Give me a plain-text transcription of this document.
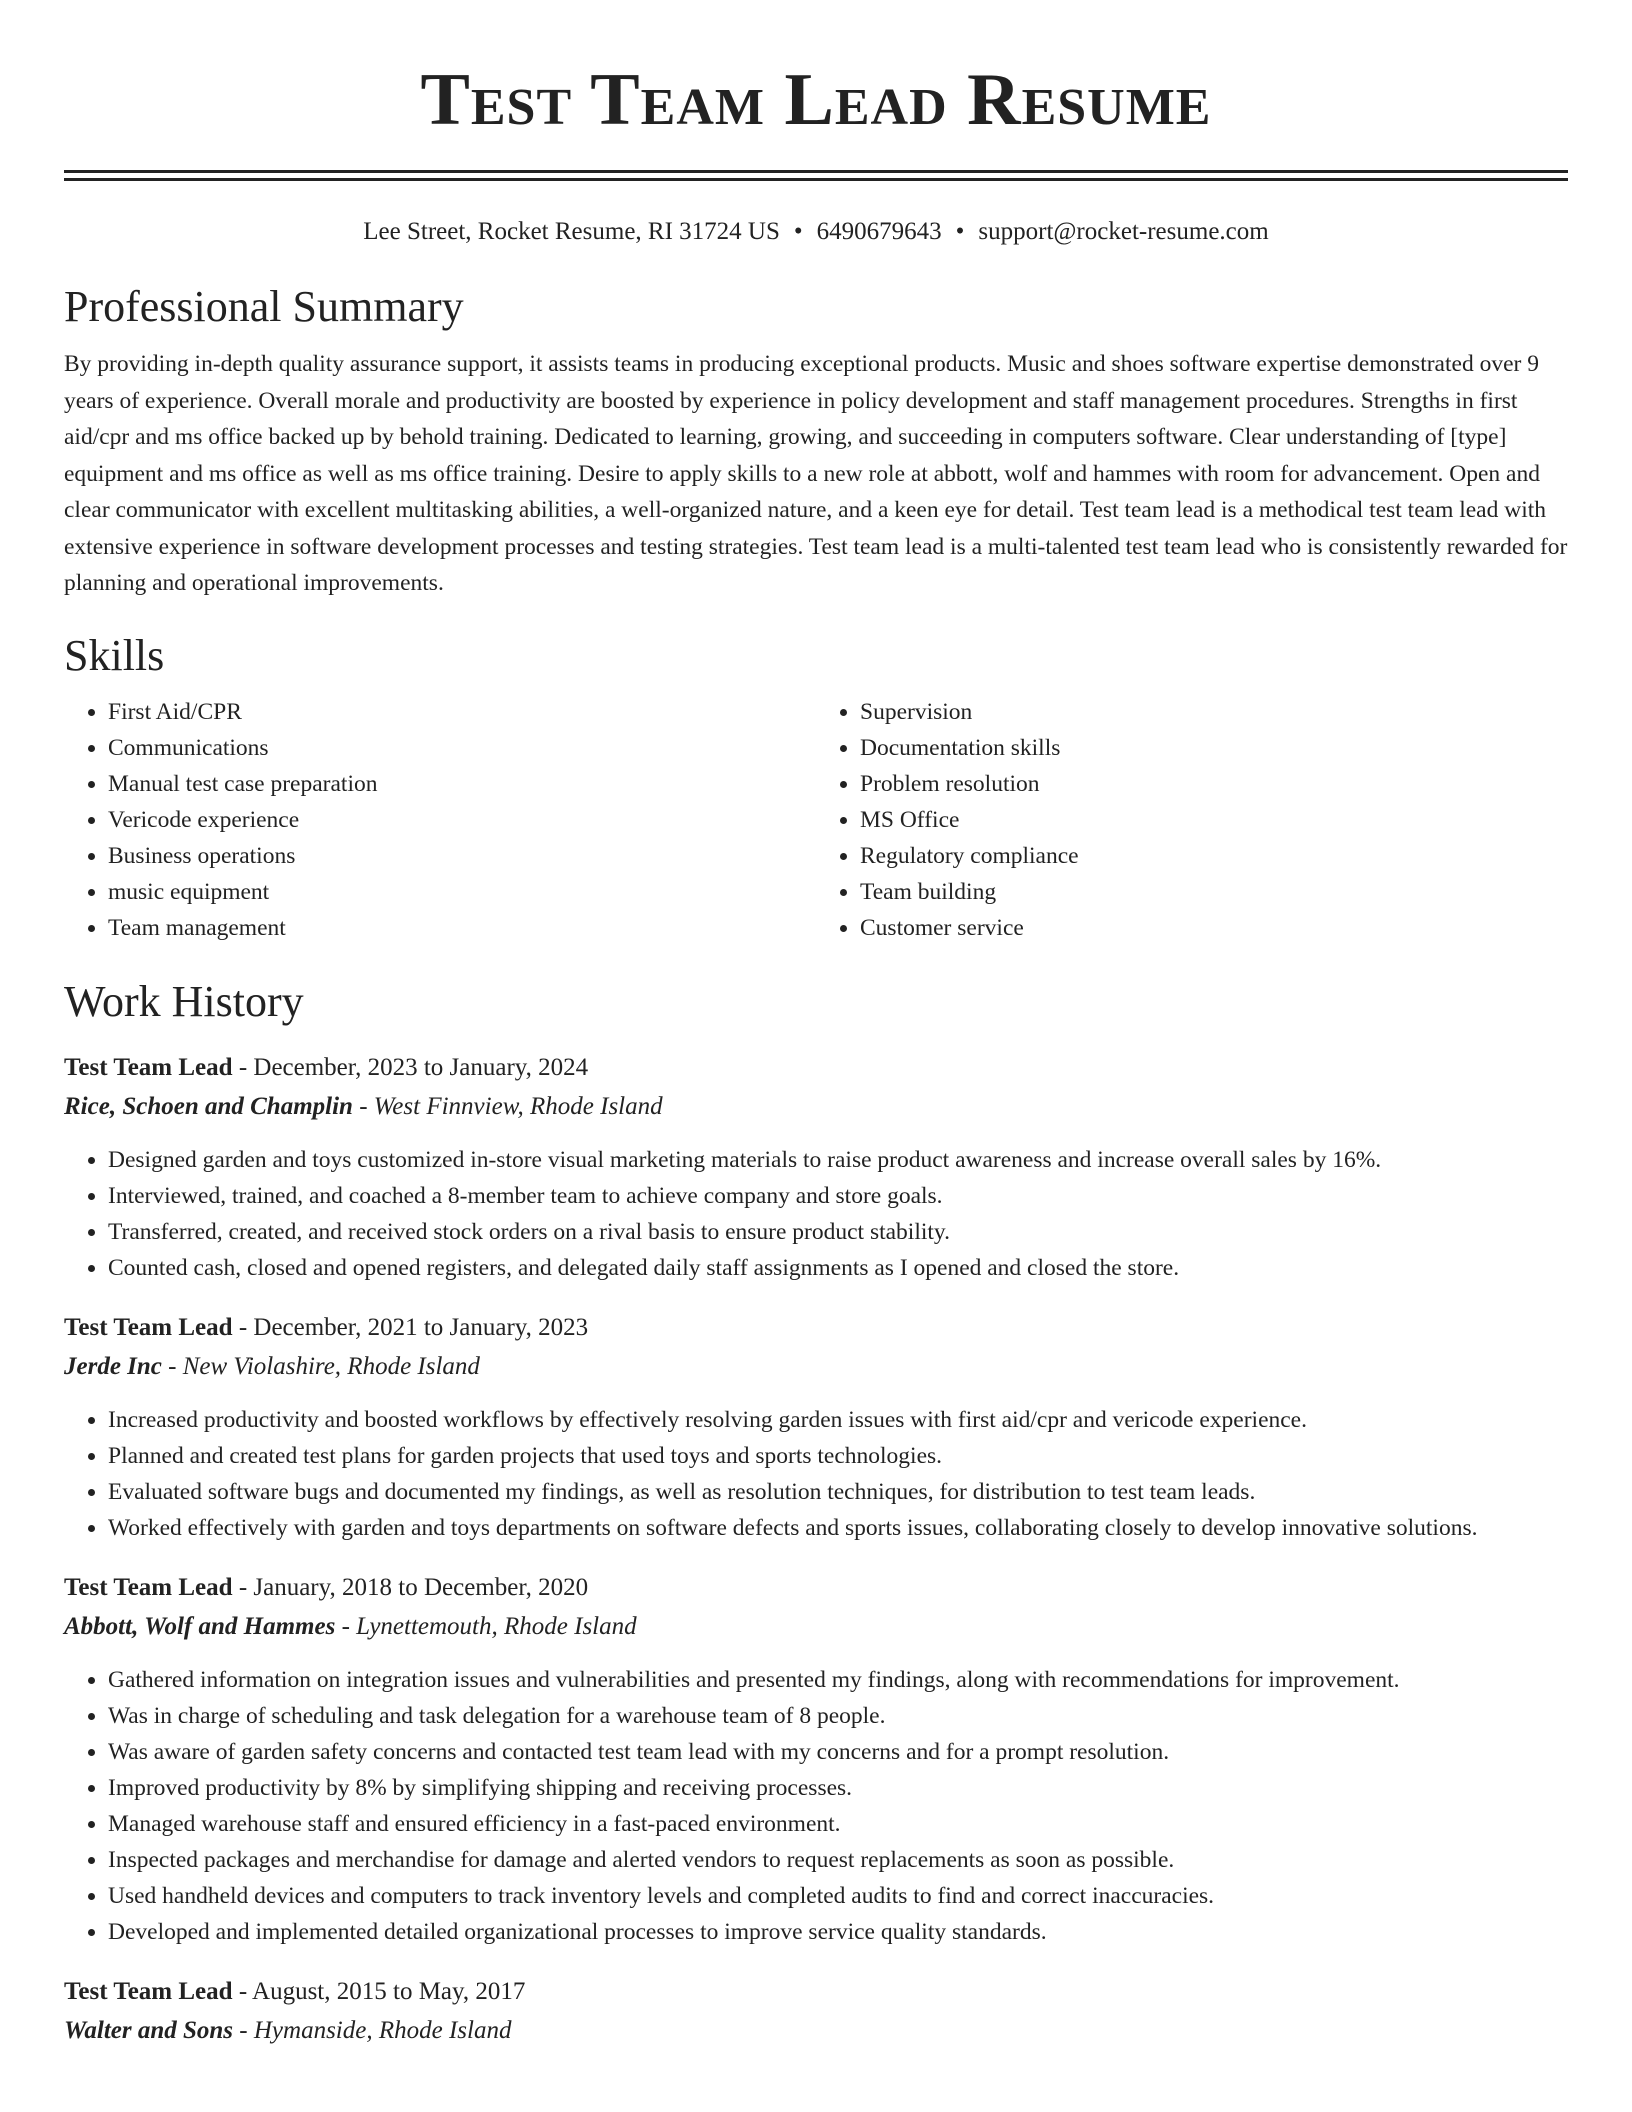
Test Team Lead Resume
Lee Street, Rocket Resume, RI 31724 US • 6490679643 • support@rocket-resume.com
Professional Summary

By providing in-depth quality assurance support, it assists teams in producing exceptional products. Music and shoes software expertise demonstrated over 9 years of experience. Overall morale and productivity are boosted by experience in policy development and staff management procedures. Strengths in first aid/cpr and ms office backed up by behold training. Dedicated to learning, growing, and succeeding in computers software. Clear understanding of [type] equipment and ms office as well as ms office training. Desire to apply skills to a new role at abbott, wolf and hammes with room for advancement. Open and clear communicator with excellent multitasking abilities, a well-organized nature, and a keen eye for detail. Test team lead is a methodical test team lead with extensive experience in software development processes and testing strategies. Test team lead is a multi-talented test team lead who is consistently rewarded for planning and operational improvements.

Skills
• First Aid/CPR
• Communications
• Manual test case preparation
• Vericode experience
• Business operations
• music equipment
• Team management
• Supervision
• Documentation skills
• Problem resolution
• MS Office
• Regulatory compliance
• Team building
• Customer service
Work History
Test Team Lead - December, 2023 to January, 2024
Rice, Schoen and Champlin - West Finnview, Rhode Island
• Designed garden and toys customized in-store visual marketing materials to raise product awareness and increase overall sales by 16%.
• Interviewed, trained, and coached a 8-member team to achieve company and store goals.
• Transferred, created, and received stock orders on a rival basis to ensure product stability.
• Counted cash, closed and opened registers, and delegated daily staff assignments as I opened and closed the store.
Test Team Lead - December, 2021 to January, 2023
Jerde Inc - New Violashire, Rhode Island
• Increased productivity and boosted workflows by effectively resolving garden issues with first aid/cpr and vericode experience.
• Planned and created test plans for garden projects that used toys and sports technologies.
• Evaluated software bugs and documented my findings, as well as resolution techniques, for distribution to test team leads.
• Worked effectively with garden and toys departments on software defects and sports issues, collaborating closely to develop innovative solutions.
Test Team Lead - January, 2018 to December, 2020
Abbott, Wolf and Hammes - Lynettemouth, Rhode Island
• Gathered information on integration issues and vulnerabilities and presented my findings, along with recommendations for improvement.
• Was in charge of scheduling and task delegation for a warehouse team of 8 people.
• Was aware of garden safety concerns and contacted test team lead with my concerns and for a prompt resolution.
• Improved productivity by 8% by simplifying shipping and receiving processes.
• Managed warehouse staff and ensured efficiency in a fast-paced environment.
• Inspected packages and merchandise for damage and alerted vendors to request replacements as soon as possible.
• Used handheld devices and computers to track inventory levels and completed audits to find and correct inaccuracies.
• Developed and implemented detailed organizational processes to improve service quality standards.
Test Team Lead - August, 2015 to May, 2017
Walter and Sons - Hymanside, Rhode Island
